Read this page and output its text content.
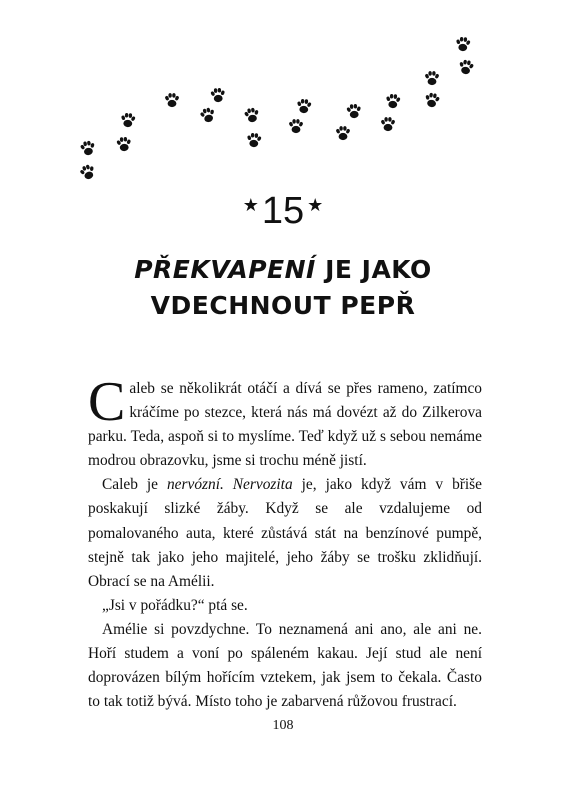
★15 ★
PŘEKVAPENÍ JE JAKO
VDECHNOUT PEPŘ

Caleb se několikrát otáčí a dívá se přes rameno, zatímco kráčíme po stezce, která nás má dovézt až do Zilkerova parku. Teda, aspoň si to myslíme. Teď když už s sebou nemáme modrou obrazovku, jsme si trochu méně jistí.

Caleb je nervózní. Nervozita je, jako když vám v břiše poskakují slizké žáby. Když se ale vzdalujeme od pomalovaného auta, které zůstává stát na benzínové pumpě, stejně tak jako jeho majitelé, jeho žáby se trošku zklidňují. Obrací se na Amélii.

„Jsi v pořádku?“ ptá se.

Amélie si povzdychne. To neznamená ani ano, ale ani ne. Hoří studem a voní po spáleném kakau. Její stud ale není doprovázen bílým hořícím vztekem, jak jsem to čekala. Často to tak totiž bývá. Místo toho je zabarvená růžovou frustrací.

108
